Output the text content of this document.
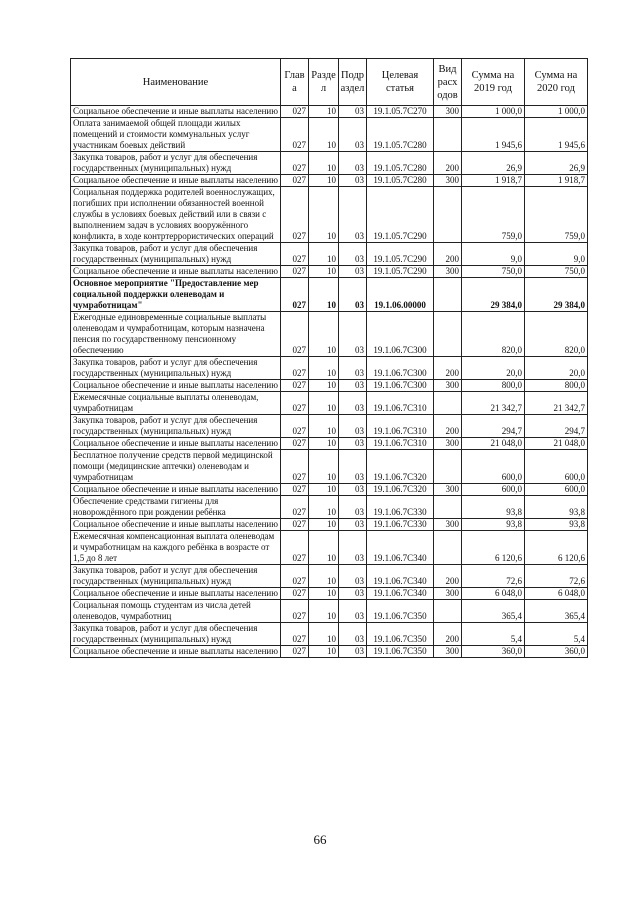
Наименование	Глав а	Разде л	Подр аздел	Целевая статья	Вид расх одов	Сумма на 2019 год	Сумма на 2020 год
Социальное обеспечение и иные выплаты населению	027	10	03	19.1.05.7С270	300	1 000,0	1 000,0
Оплата занимаемой общей площади жилых помещений и стоимости коммунальных услуг участникам боевых действий	027	10	03	19.1.05.7С280		1 945,6	1 945,6
Закупка товаров, работ и услуг для обеспечения государственных (муниципальных) нужд	027	10	03	19.1.05.7С280	200	26,9	26,9
Социальное обеспечение и иные выплаты населению	027	10	03	19.1.05.7С280	300	1 918,7	1 918,7
Социальная поддержка родителей военнослужащих, погибших при исполнении обязанностей военной службы в условиях боевых действий или в связи с выполнением задач в условиях вооружённого конфликта, в ходе контртеррористических операций	027	10	03	19.1.05.7С290		759,0	759,0
Закупка товаров, работ и услуг для обеспечения государственных (муниципальных) нужд	027	10	03	19.1.05.7С290	200	9,0	9,0
Социальное обеспечение и иные выплаты населению	027	10	03	19.1.05.7С290	300	750,0	750,0
Основное мероприятие "Предоставление мер социальной поддержки оленеводам и чумработницам"	027	10	03	19.1.06.00000		29 384,0	29 384,0
Ежегодные единовременные социальные выплаты оленеводам и чумработницам, которым назначена пенсия по государственному пенсионному обеспечению	027	10	03	19.1.06.7С300		820,0	820,0
Закупка товаров, работ и услуг для обеспечения государственных (муниципальных) нужд	027	10	03	19.1.06.7С300	200	20,0	20,0
Социальное обеспечение и иные выплаты населению	027	10	03	19.1.06.7С300	300	800,0	800,0
Ежемесячные социальные выплаты оленеводам, чумработницам	027	10	03	19.1.06.7С310		21 342,7	21 342,7
Закупка товаров, работ и услуг для обеспечения государственных (муниципальных) нужд	027	10	03	19.1.06.7С310	200	294,7	294,7
Социальное обеспечение и иные выплаты населению	027	10	03	19.1.06.7С310	300	21 048,0	21 048,0
Бесплатное получение средств первой медицинской помощи (медицинские аптечки) оленеводам и чумработницам	027	10	03	19.1.06.7С320		600,0	600,0
Социальное обеспечение и иные выплаты населению	027	10	03	19.1.06.7С320	300	600,0	600,0
Обеспечение средствами гигиены для новорождённого при рождении ребёнка	027	10	03	19.1.06.7С330		93,8	93,8
Социальное обеспечение и иные выплаты населению	027	10	03	19.1.06.7С330	300	93,8	93,8
Ежемесячная компенсационная выплата оленеводам и чумработницам на каждого ребёнка в возрасте от 1,5 до 8 лет	027	10	03	19.1.06.7С340		6 120,6	6 120,6
Закупка товаров, работ и услуг для обеспечения государственных (муниципальных) нужд	027	10	03	19.1.06.7С340	200	72,6	72,6
Социальное обеспечение и иные выплаты населению	027	10	03	19.1.06.7С340	300	6 048,0	6 048,0
Социальная помощь студентам из числа детей оленеводов, чумработниц	027	10	03	19.1.06.7С350		365,4	365,4
Закупка товаров, работ и услуг для обеспечения государственных (муниципальных) нужд	027	10	03	19.1.06.7С350	200	5,4	5,4
Социальное обеспечение и иные выплаты населению	027	10	03	19.1.06.7С350	300	360,0	360,0
66
